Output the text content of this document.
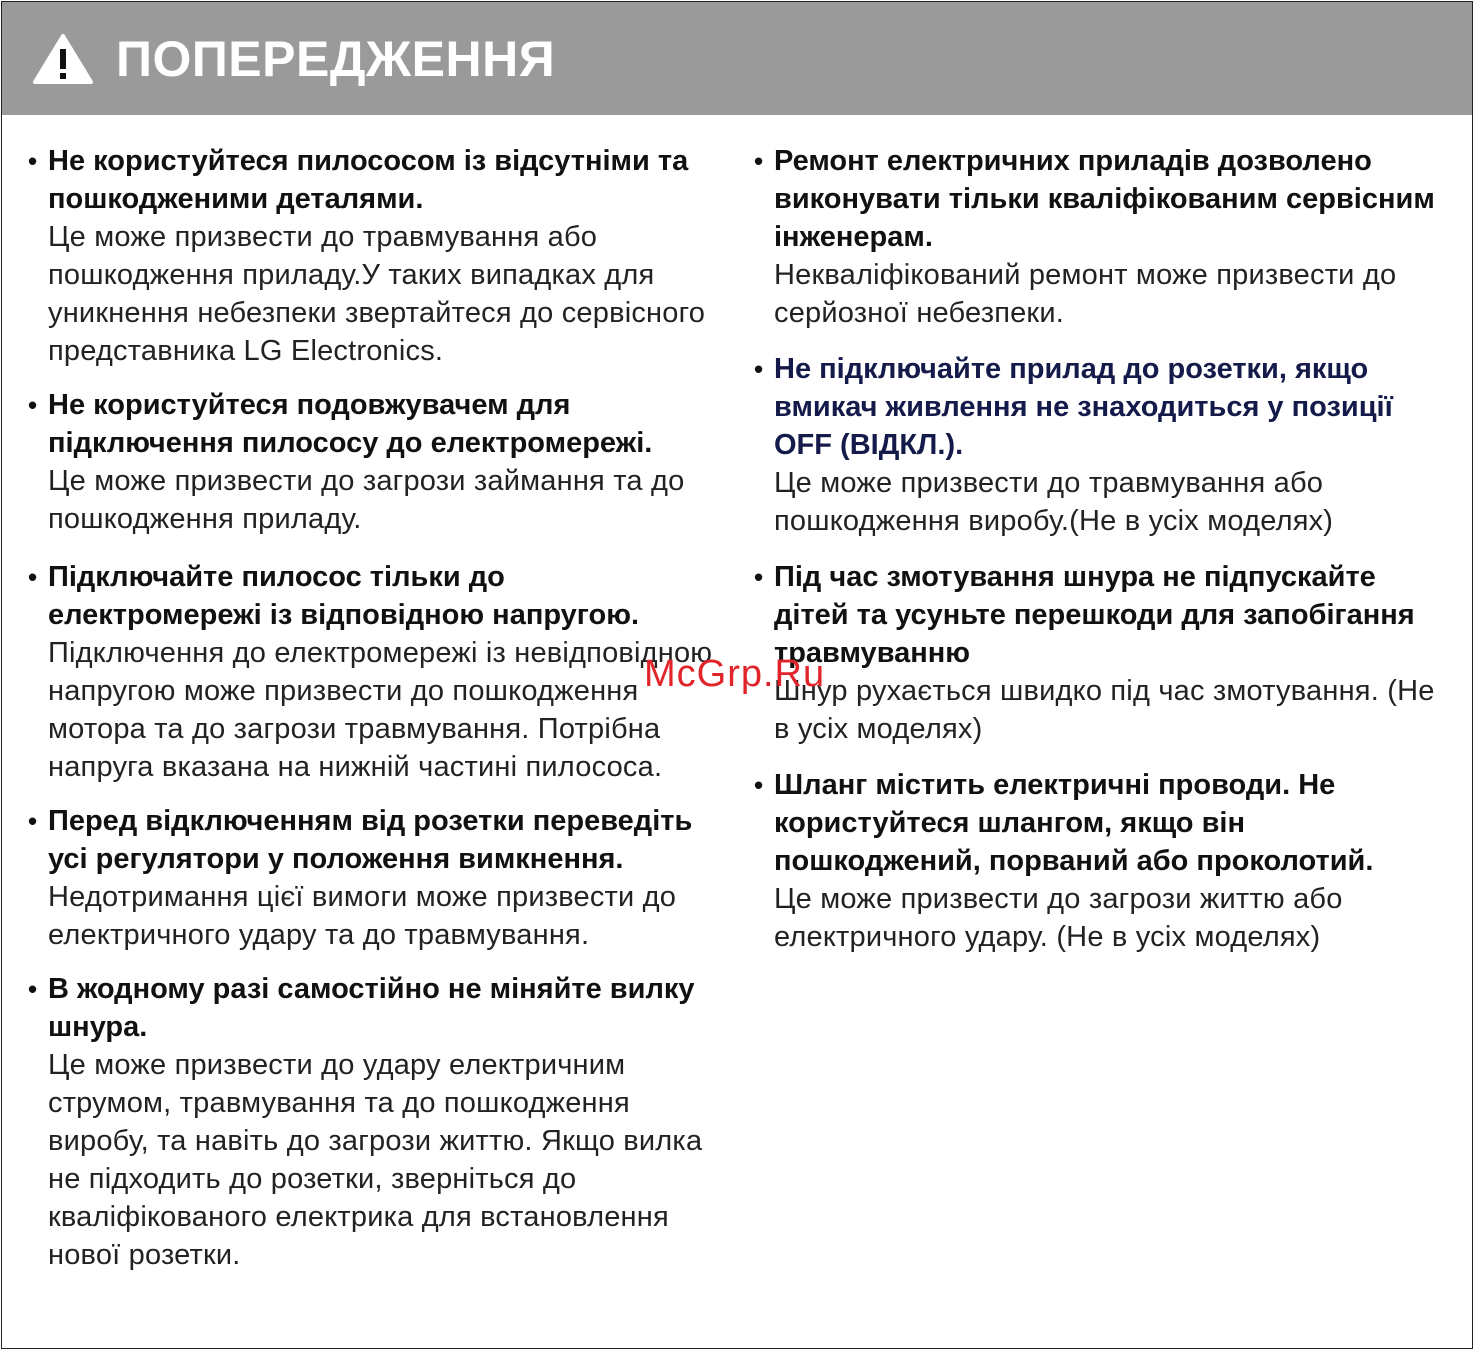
ПОПЕРЕДЖЕННЯ
• Не користуйтеся пилососом із відсутніми та пошкодженими деталями.
Це може призвести до травмування або пошкодження приладу.У таких випадках для уникнення небезпеки звертайтеся до сервісного представника LG Electronics.
• Не користуйтеся подовжувачем для підключення пилососу до електромережі.
Це може призвести до загрози займання та до пошкодження приладу.
• Підключайте пилосос тільки до електромережі із відповідною напругою.
Підключення до електромережі із невідповідною напругою може призвести до пошкодження мотора та до загрози травмування. Потрібна напруга вказана на нижній частині пилососа.
• Перед відключенням від розетки переведіть усі регулятори у положення вимкнення.
Недотримання цієї вимоги може призвести до електричного удару та до травмування.
• В жодному разі самостійно не міняйте вилку шнура.
Це може призвести до удару електричним струмом, травмування та до пошкодження виробу, та навіть до загрози життю. Якщо вилка не підходить до розетки, зверніться до кваліфікованого електрика для встановлення нової розетки.
• Ремонт електричних приладів дозволено виконувати тільки кваліфікованим сервісним інженерам.
Некваліфікований ремонт може призвести до серйозної небезпеки.
• Не підключайте прилад до розетки, якщо вмикач живлення не знаходиться у позиції OFF (ВІДКЛ.).
Це може призвести до травмування або пошкодження виробу.(Не в усіх моделях)
• Під час змотування шнура не підпускайте дітей та усуньте перешкоди для запобігання травмуванню
Шнур рухається швидко під час змотування. (Не в усіх моделях)
• Шланг містить електричні проводи. Не користуйтеся шлангом, якщо він пошкоджений, порваний або проколотий.
Це може призвести до загрози життю або електричного удару. (Не в усіх моделях)
McGrp.Ru
